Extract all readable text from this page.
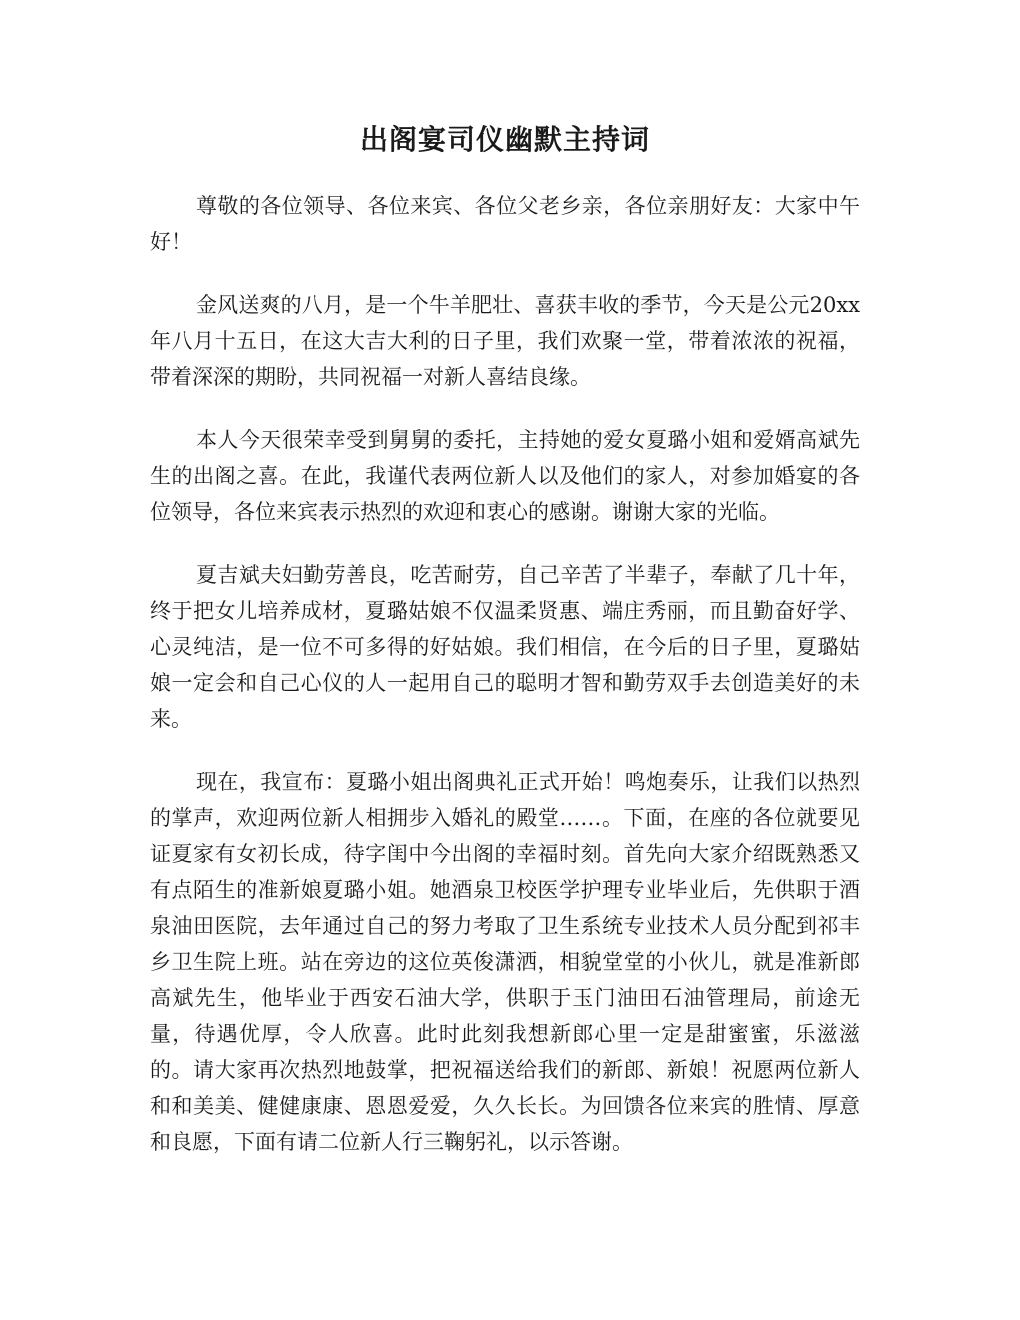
出阁宴司仪幽默主持词

尊敬的各位领导、各位来宾、各位父老乡亲，各位亲朋好友：大家中午好！

金风送爽的八月，是一个牛羊肥壮、喜获丰收的季节，今天是公元20xx年八月十五日，在这大吉大利的日子里，我们欢聚一堂，带着浓浓的祝福，带着深深的期盼，共同祝福一对新人喜结良缘。

本人今天很荣幸受到舅舅的委托，主持她的爱女夏璐小姐和爱婿高斌先生的出阁之喜。在此，我谨代表两位新人以及他们的家人，对参加婚宴的各位领导，各位来宾表示热烈的欢迎和衷心的感谢。谢谢大家的光临。

夏吉斌夫妇勤劳善良，吃苦耐劳，自己辛苦了半辈子，奉献了几十年，终于把女儿培养成材，夏璐姑娘不仅温柔贤惠、端庄秀丽，而且勤奋好学、心灵纯洁，是一位不可多得的好姑娘。我们相信，在今后的日子里，夏璐姑娘一定会和自己心仪的人一起用自己的聪明才智和勤劳双手去创造美好的未来。

现在，我宣布：夏璐小姐出阁典礼正式开始！鸣炮奏乐，让我们以热烈的掌声，欢迎两位新人相拥步入婚礼的殿堂……。下面，在座的各位就要见证夏家有女初长成，待字闺中今出阁的幸福时刻。首先向大家介绍既熟悉又有点陌生的准新娘夏璐小姐。她酒泉卫校医学护理专业毕业后，先供职于酒泉油田医院，去年通过自己的努力考取了卫生系统专业技术人员分配到祁丰乡卫生院上班。站在旁边的这位英俊潇洒，相貌堂堂的小伙儿，就是准新郎高斌先生，他毕业于西安石油大学，供职于玉门油田石油管理局，前途无量，待遇优厚，令人欣喜。此时此刻我想新郎心里一定是甜蜜蜜，乐滋滋的。请大家再次热烈地鼓掌，把祝福送给我们的新郎、新娘！祝愿两位新人和和美美、健健康康、恩恩爱爱，久久长长。为回馈各位来宾的胜情、厚意和良愿，下面有请二位新人行三鞠躬礼，以示答谢。
